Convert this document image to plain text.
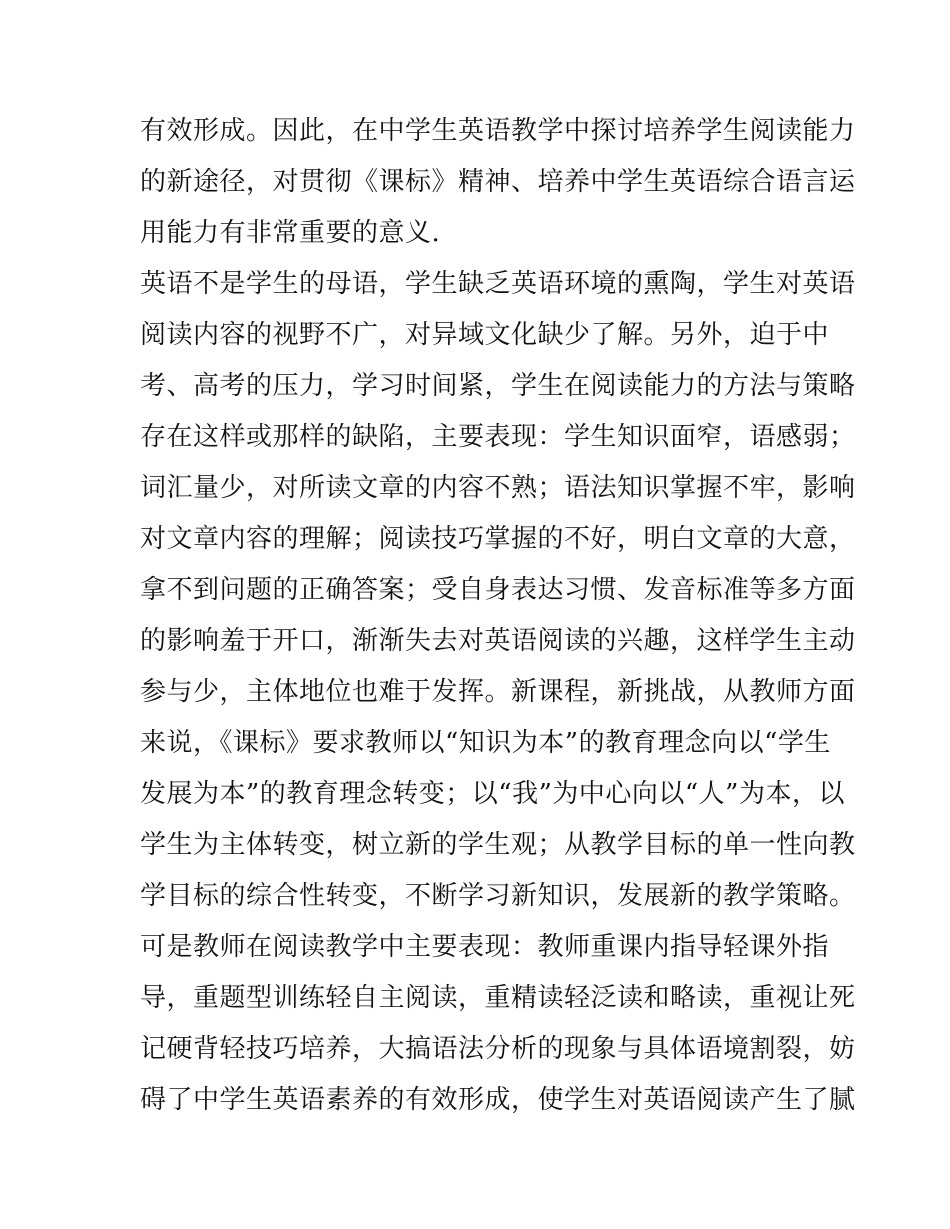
有效形成。因此，在中学生英语教学中探讨培养学生阅读能力
的新途径，对贯彻《课标》精神、培养中学生英语综合语言运
用能力有非常重要的意义.
英语不是学生的母语，学生缺乏英语环境的熏陶，学生对英语
阅读内容的视野不广，对异域文化缺少了解。另外，迫于中
考、高考的压力，学习时间紧，学生在阅读能力的方法与策略
存在这样或那样的缺陷，主要表现：学生知识面窄，语感弱；
词汇量少，对所读文章的内容不熟；语法知识掌握不牢，影响
对文章内容的理解；阅读技巧掌握的不好，明白文章的大意，
拿不到问题的正确答案；受自身表达习惯、发音标准等多方面
的影响羞于开口，渐渐失去对英语阅读的兴趣，这样学生主动
参与少，主体地位也难于发挥。新课程，新挑战，从教师方面
来说，《课标》要求教师以“知识为本”的教育理念向以“学生
发展为本”的教育理念转变；以“我”为中心向以“人”为本，以
学生为主体转变，树立新的学生观；从教学目标的单一性向教
学目标的综合性转变，不断学习新知识，发展新的教学策略。
可是教师在阅读教学中主要表现：教师重课内指导轻课外指
导，重题型训练轻自主阅读，重精读轻泛读和略读，重视让死
记硬背轻技巧培养，大搞语法分析的现象与具体语境割裂，妨
碍了中学生英语素养的有效形成，使学生对英语阅读产生了腻
